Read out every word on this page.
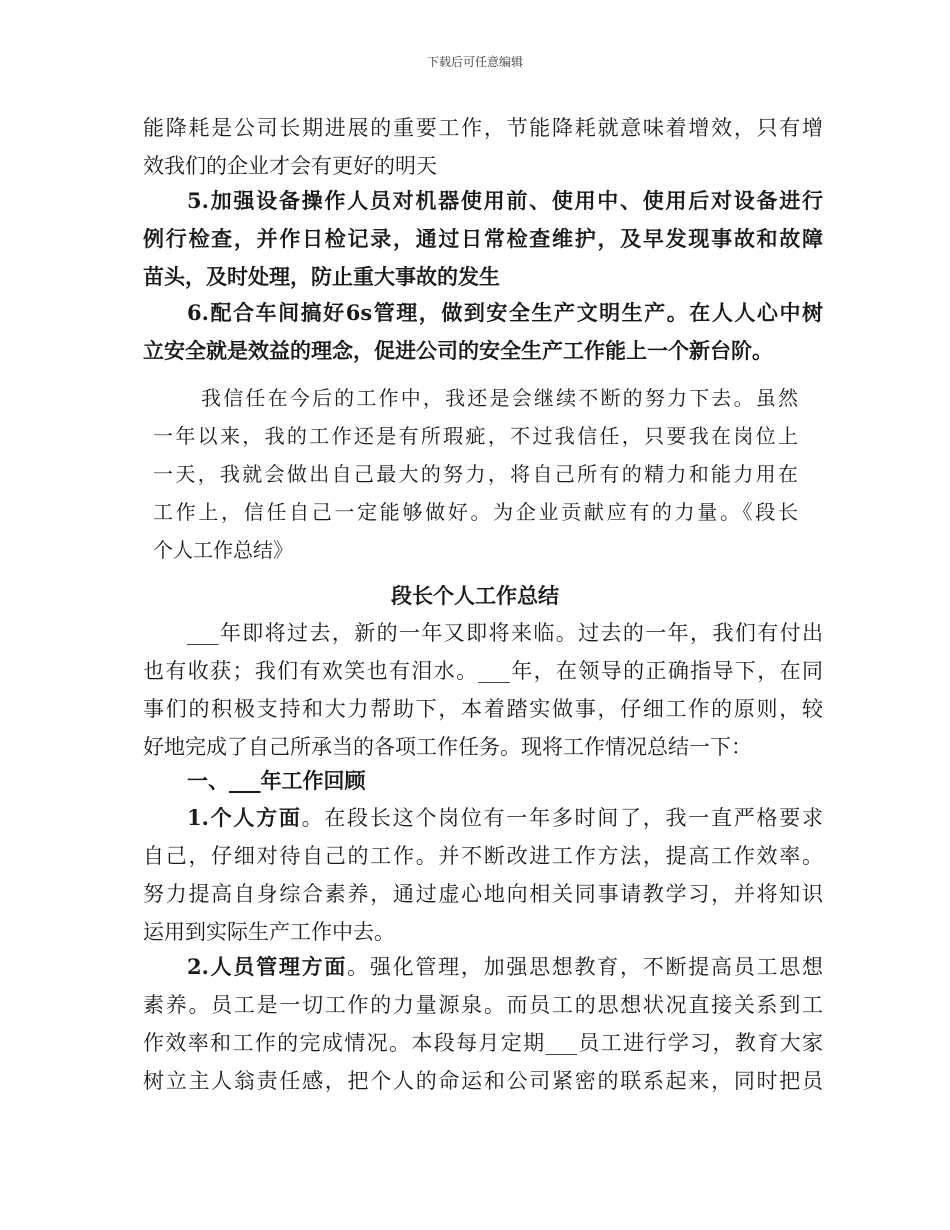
下载后可任意编辑
能降耗是公司长期进展的重要工作，节能降耗就意味着增效，只有增
效我们的企业才会有更好的明天
5.加强设备操作人员对机器使用前、使用中、使用后对设备进行
例行检查，并作日检记录，通过日常检查维护，及早发现事故和故障
苗头，及时处理，防止重大事故的发生
6.配合车间搞好6s管理，做到安全生产文明生产。在人人心中树
立安全就是效益的理念，促进公司的安全生产工作能上一个新台阶。
我信任在今后的工作中，我还是会继续不断的努力下去。虽然
一年以来，我的工作还是有所瑕疵，不过我信任，只要我在岗位上
一天，我就会做出自己最大的努力，将自己所有的精力和能力用在
工作上，信任自己一定能够做好。为企业贡献应有的力量。《段长
个人工作总结》
段长个人工作总结
___年即将过去，新的一年又即将来临。过去的一年，我们有付出
也有收获；我们有欢笑也有泪水。___年，在领导的正确指导下，在同
事们的积极支持和大力帮助下，本着踏实做事，仔细工作的原则，较
好地完成了自己所承当的各项工作任务。现将工作情况总结一下：
一、___年工作回顾
1.个人方面。在段长这个岗位有一年多时间了，我一直严格要求
自己，仔细对待自己的工作。并不断改进工作方法，提高工作效率。
努力提高自身综合素养，通过虚心地向相关同事请教学习，并将知识
运用到实际生产工作中去。
2.人员管理方面。强化管理，加强思想教育，不断提高员工思想
素养。员工是一切工作的力量源泉。而员工的思想状况直接关系到工
作效率和工作的完成情况。本段每月定期___员工进行学习，教育大家
树立主人翁责任感，把个人的命运和公司紧密的联系起来，同时把员
